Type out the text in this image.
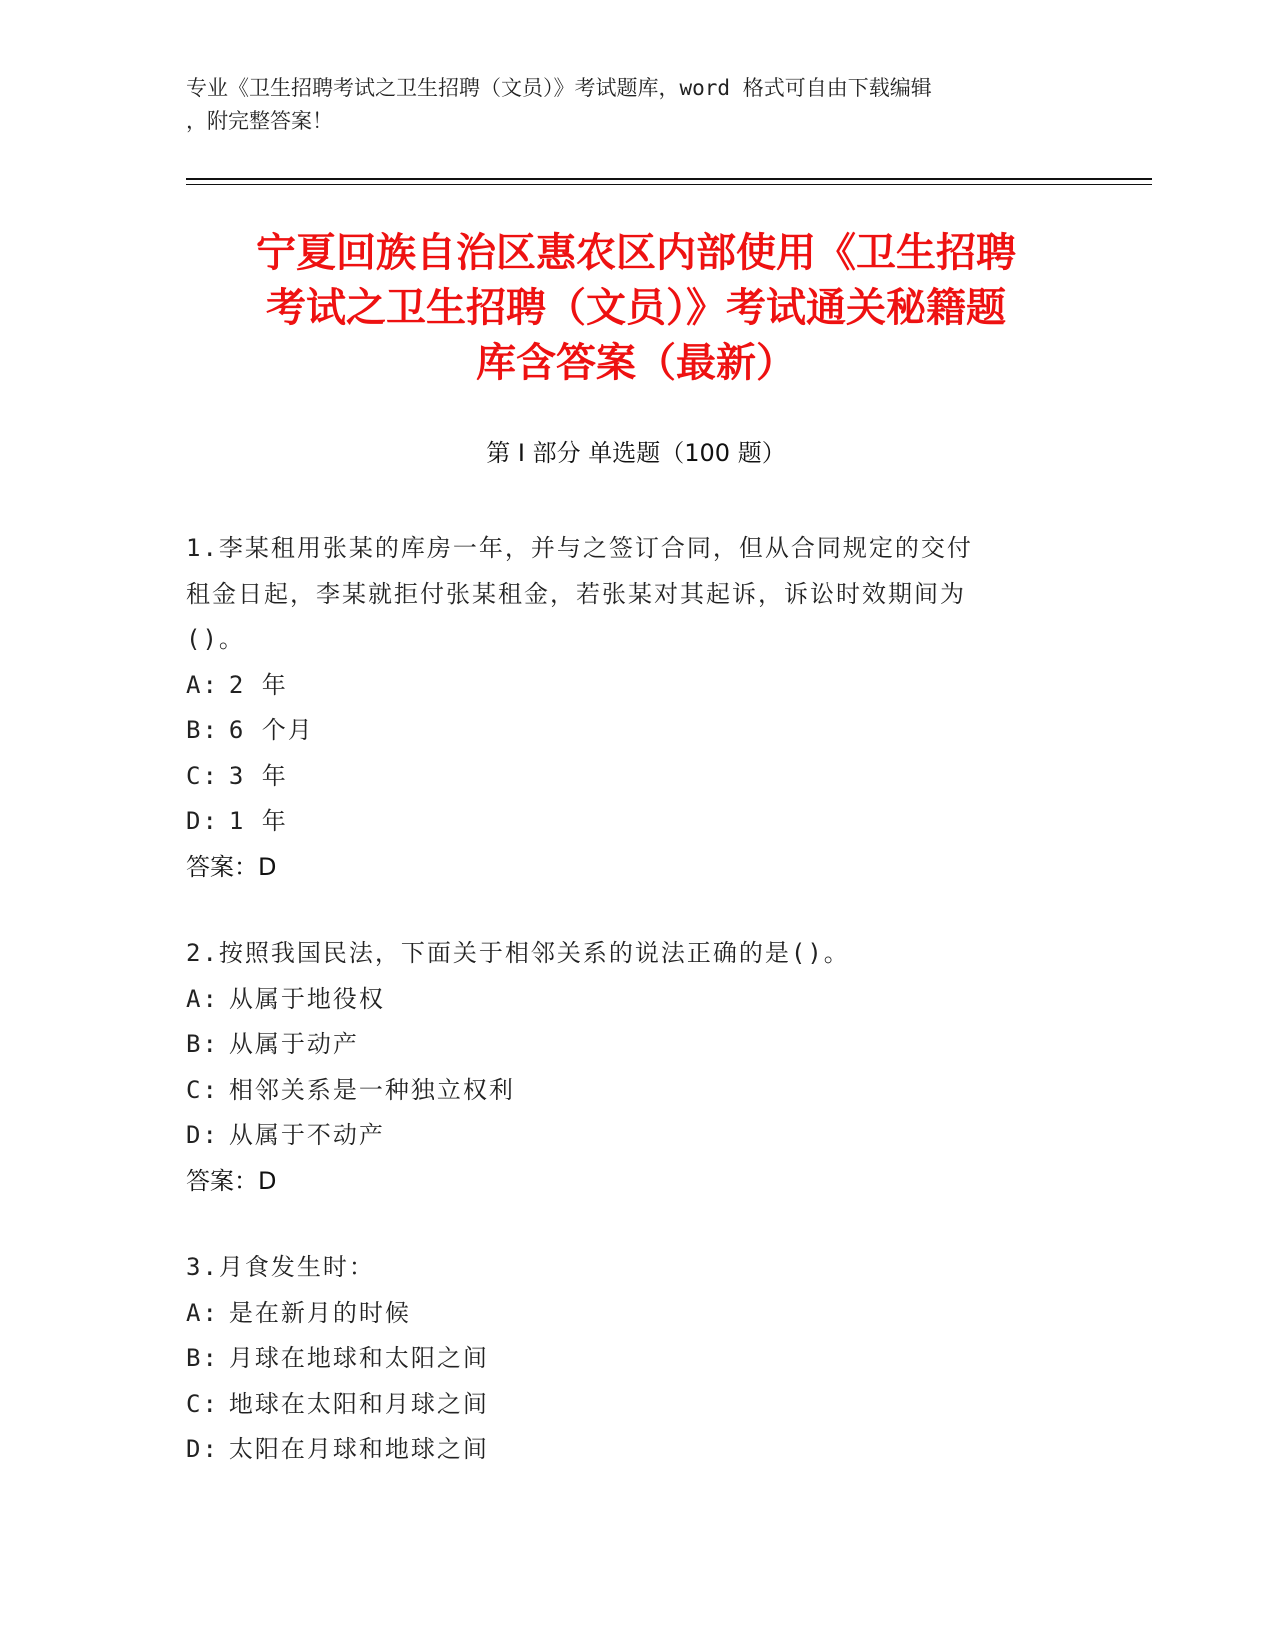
专业《卫生招聘考试之卫生招聘（文员）》考试题库，word 格式可自由下载编辑
，附完整答案！
宁夏回族自治区惠农区内部使用《卫生招聘
考试之卫生招聘（文员）》考试通关秘籍题
库含答案（最新）
第 I 部分 单选题（100 题）

1.李某租用张某的库房一年，并与之签订合同，但从合同规定的交付

租金日起，李某就拒付张某租金，若张某对其起诉，诉讼时效期间为

()。

A: 2 年

B: 6 个月

C: 3 年

D: 1 年

答案：D

2.按照我国民法，下面关于相邻关系的说法正确的是()。

A: 从属于地役权

B: 从属于动产

C: 相邻关系是一种独立权利

D: 从属于不动产

答案：D

3.月食发生时：

A: 是在新月的时候

B: 月球在地球和太阳之间

C: 地球在太阳和月球之间

D: 太阳在月球和地球之间
